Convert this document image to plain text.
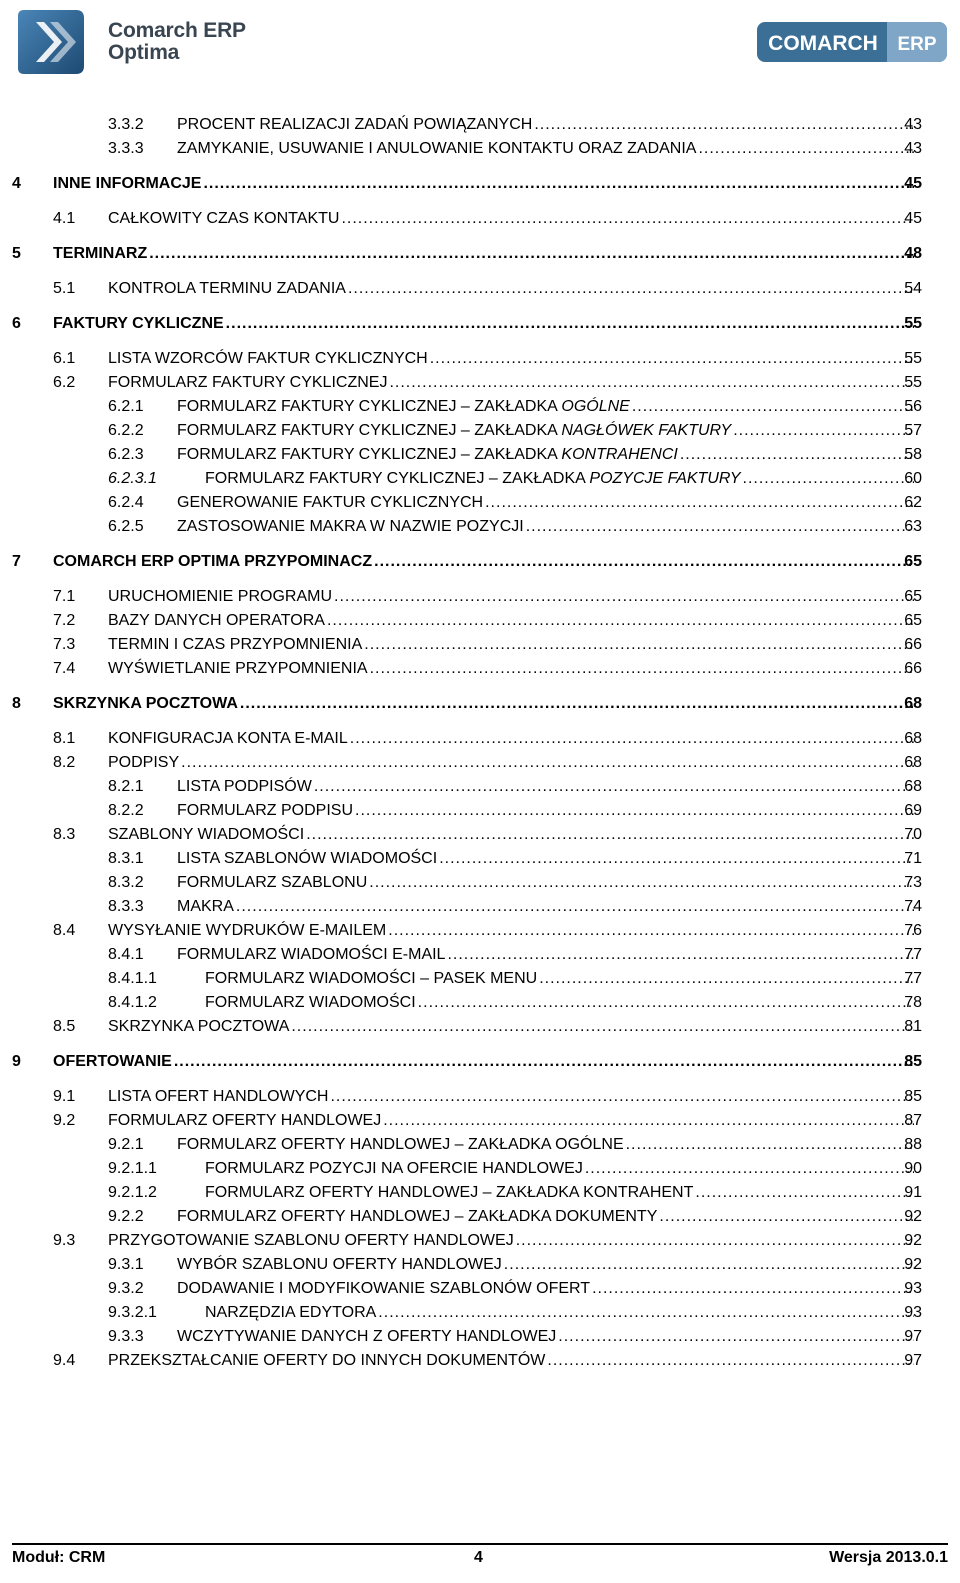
Comarch ERP
Optima	COMARCH ERP
3.3.2 PROCENT REALIZACJI ZADAŃ POWIĄZANYCH .....	43
3.3.3 ZAMYKANIE, USUWANIE I ANULOWANIE KONTAKTU ORAZ ZADANIA .....	43
4 INNE INFORMACJE .....	45
4.1 CAŁKOWITY CZAS KONTAKTU .....	45
5 TERMINARZ .....	48
5.1 KONTROLA TERMINU ZADANIA .....	54
6 FAKTURY CYKLICZNE .....	55
6.1 LISTA WZORCÓW FAKTUR CYKLICZNYCH .....	55
6.2 FORMULARZ FAKTURY CYKLICZNEJ .....	55
6.2.1 FORMULARZ FAKTURY CYKLICZNEJ – ZAKŁADKA OGÓLNE .....	56
6.2.2 FORMULARZ FAKTURY CYKLICZNEJ – ZAKŁADKA NAGŁÓWEK FAKTURY .....	57
6.2.3 FORMULARZ FAKTURY CYKLICZNEJ – ZAKŁADKA KONTRAHENCI .....	58
6.2.3.1	FORMULARZ FAKTURY CYKLICZNEJ – ZAKŁADKA POZYCJE FAKTURY .....	60
6.2.4 GENEROWANIE FAKTUR CYKLICZNYCH .....	62
6.2.5 ZASTOSOWANIE MAKRA W NAZWIE POZYCJI .....	63
7 COMARCH ERP OPTIMA PRZYPOMINACZ .....	65
7.1 URUCHOMIENIE PROGRAMU .....	65
7.2 BAZY DANYCH OPERATORA .....	65
7.3 TERMIN I CZAS PRZYPOMNIENIA .....	66
7.4 WYŚWIETLANIE PRZYPOMNIENIA .....	66
8 SKRZYNKA POCZTOWA .....	68
8.1 KONFIGURACJA KONTA E-MAIL .....	68
8.2 PODPISY .....	68
8.2.1 LISTA PODPISÓW .....	68
8.2.2 FORMULARZ PODPISU .....	69
8.3 SZABLONY WIADOMOŚCI .....	70
8.3.1 LISTA SZABLONÓW WIADOMOŚCI .....	71
8.3.2 FORMULARZ SZABLONU .....	73
8.3.3 MAKRA .....	74
8.4 WYSYŁANIE WYDRUKÓW E-MAILEM .....	76
8.4.1 FORMULARZ WIADOMOŚCI E-MAIL .....	77
8.4.1.1	FORMULARZ WIADOMOŚCI – PASEK MENU .....	77
8.4.1.2	FORMULARZ WIADOMOŚCI .....	78
8.5 SKRZYNKA POCZTOWA .....	81
9 OFERTOWANIE .....	85
9.1 LISTA OFERT HANDLOWYCH .....	85
9.2 FORMULARZ OFERTY HANDLOWEJ .....	87
9.2.1 FORMULARZ OFERTY HANDLOWEJ – ZAKŁADKA OGÓLNE .....	88
9.2.1.1	FORMULARZ POZYCJI NA OFERCIE HANDLOWEJ .....	90
9.2.1.2	FORMULARZ OFERTY HANDLOWEJ – ZAKŁADKA KONTRAHENT .....	91
9.2.2 FORMULARZ OFERTY HANDLOWEJ – ZAKŁADKA DOKUMENTY .....	92
9.3 PRZYGOTOWANIE SZABLONU OFERTY HANDLOWEJ .....	92
9.3.1 WYBÓR SZABLONU OFERTY HANDLOWEJ .....	92
9.3.2 DODAWANIE I MODYFIKOWANIE SZABLONÓW OFERT .....	93
9.3.2.1	NARZĘDZIA EDYTORA .....	93
9.3.3 WCZYTYWANIE DANYCH Z OFERTY HANDLOWEJ .....	97
9.4 PRZEKSZTAŁCANIE OFERTY DO INNYCH DOKUMENTÓW .....	97
Moduł: CRM	4	Wersja 2013.0.1
